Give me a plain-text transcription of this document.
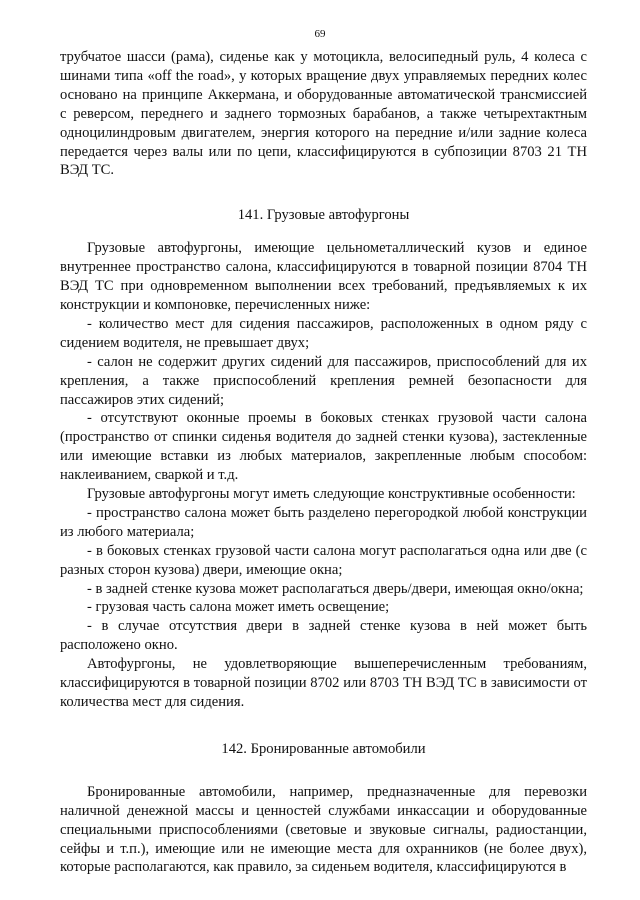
69

трубчатое шасси (рама), сиденье как у мотоцикла, велосипедный руль, 4 колеса с шинами типа «off the road», у которых вращение двух управляемых передних колес основано на принципе Аккермана, и оборудованные автоматической трансмиссией с реверсом, переднего и заднего тормозных барабанов, а также четырехтактным одноцилиндровым двигателем, энергия которого на передние и/или задние колеса передается через валы или по цепи, классифицируются в субпозиции 8703 21 ТН ВЭД ТС.

141. Грузовые автофургоны

Грузовые автофургоны, имеющие цельнометаллический кузов и единое внутреннее пространство салона, классифицируются в товарной позиции 8704 ТН ВЭД ТС при одновременном выполнении всех требований, предъявляемых к их конструкции и компоновке, перечисленных ниже:

- количество мест для сидения пассажиров, расположенных в одном ряду с сидением водителя, не превышает двух;

- салон не содержит других сидений для пассажиров, приспособлений для их крепления, а также приспособлений крепления ремней безопасности для пассажиров этих сидений;

- отсутствуют оконные проемы в боковых стенках грузовой части салона (пространство от спинки сиденья водителя до задней стенки кузова), застекленные или имеющие вставки из любых материалов, закрепленные любым способом: наклеиванием, сваркой и т.д.

Грузовые автофургоны могут иметь следующие конструктивные особенности:

- пространство салона может быть разделено перегородкой любой конструкции из любого материала;

- в боковых стенках грузовой части салона могут располагаться одна или две (с разных сторон кузова) двери, имеющие окна;

- в задней стенке кузова может располагаться дверь/двери, имеющая окно/окна;

- грузовая часть салона может иметь освещение;

- в случае отсутствия двери в задней стенке кузова в ней может быть расположено окно.

Автофургоны, не удовлетворяющие вышеперечисленным требованиям, классифицируются в товарной позиции 8702 или 8703 ТН ВЭД ТС в зависимости от количества мест для сидения.

142. Бронированные автомобили

Бронированные автомобили, например, предназначенные для перевозки наличной денежной массы и ценностей службами инкассации и оборудованные специальными приспособлениями (световые и звуковые сигналы, радиостанции, сейфы и т.п.), имеющие или не имеющие места для охранников (не более двух), которые располагаются, как правило, за сиденьем водителя, классифицируются в
